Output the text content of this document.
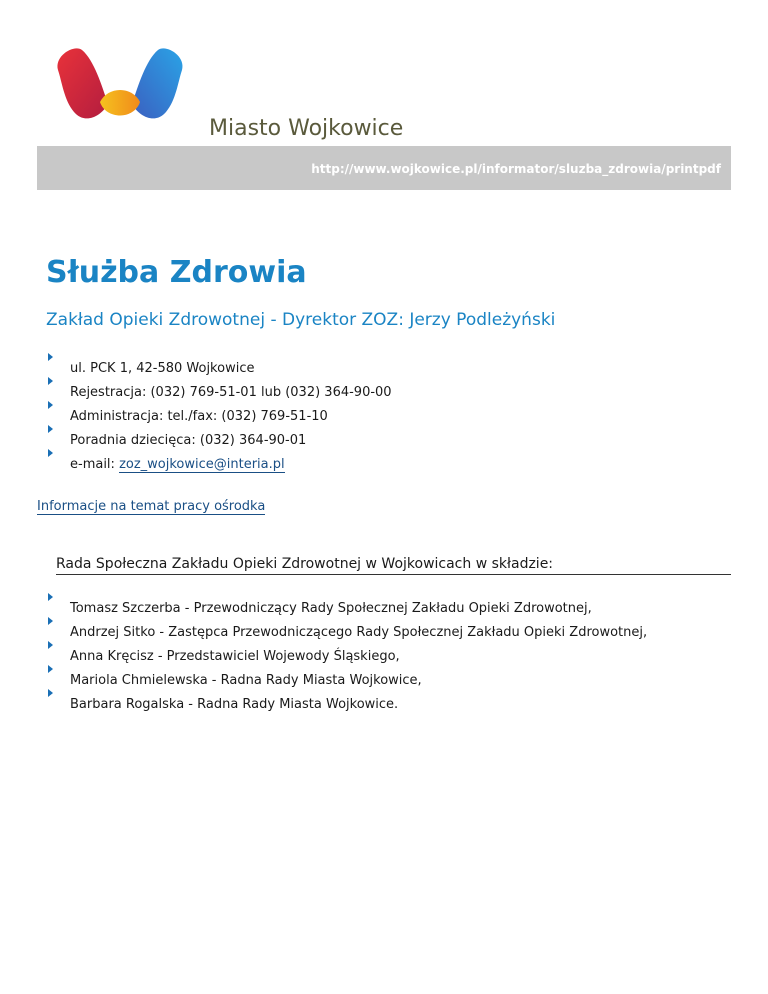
Miasto Wojkowice
http://www.wojkowice.pl/informator/sluzba_zdrowia/printpdf
Służba Zdrowia
Zakład Opieki Zdrowotnej - Dyrektor ZOZ: Jerzy Podleżyński
ul. PCK 1, 42-580 Wojkowice
Rejestracja: (032) 769-51-01 lub (032) 364-90-00
Administracja: tel./fax: (032) 769-51-10
Poradnia dziecięca: (032) 364-90-01
e-mail: zoz_wojkowice@interia.pl
Informacje na temat pracy ośrodka
Rada Społeczna Zakładu Opieki Zdrowotnej w Wojkowicach w składzie:
Tomasz Szczerba - Przewodniczący Rady Społecznej Zakładu Opieki Zdrowotnej,
Andrzej Sitko - Zastępca Przewodniczącego Rady Społecznej Zakładu Opieki Zdrowotnej,
Anna Kręcisz - Przedstawiciel Wojewody Śląskiego,
Mariola Chmielewska - Radna Rady Miasta Wojkowice,
Barbara Rogalska - Radna Rady Miasta Wojkowice.
